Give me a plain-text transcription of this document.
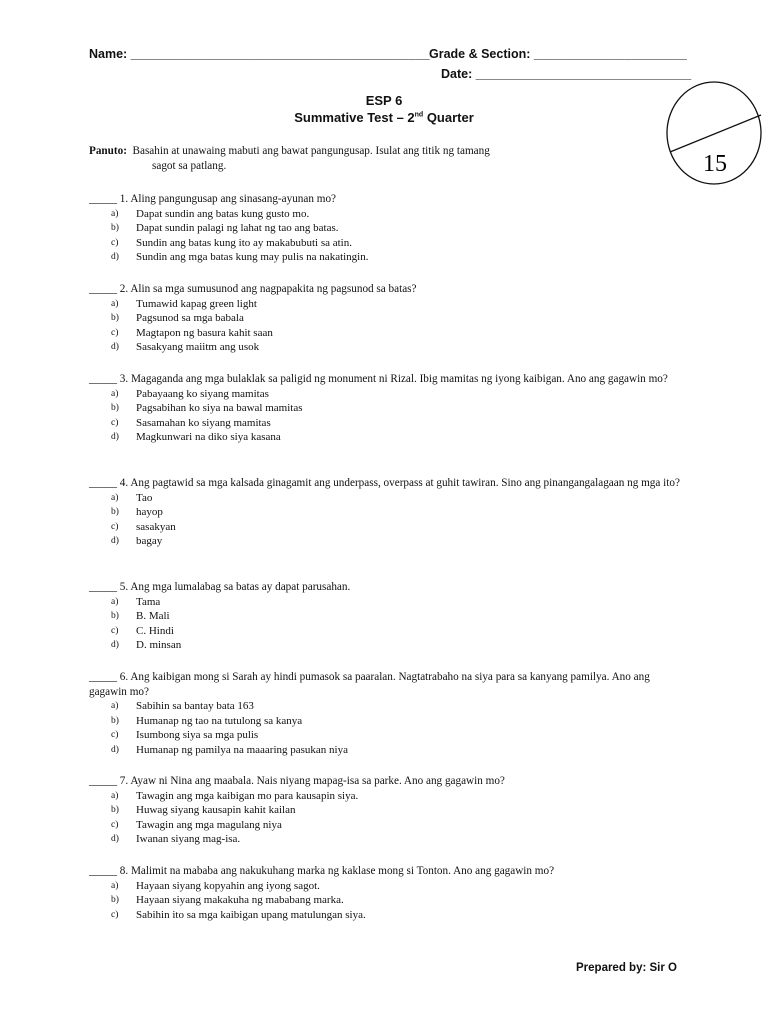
Name: ___________________________________________ Grade & Section: ______________________
Date: _______________________________
ESP 6
Summative Test – 2nd Quarter
15
Panuto: Basahin at unawaing mabuti ang bawat pangungusap. Isulat ang titik ng tamang
sagot sa patlang.
_____ 1. Aling pangungusap ang sinasang-ayunan mo?
a)	Dapat sundin ang batas kung gusto mo.
b)	Dapat sundin palagi ng lahat ng tao ang batas.
c)	Sundin ang batas kung ito ay makabubuti sa atin.
d)	Sundin ang mga batas kung may pulis na nakatingin.
_____ 2. Alin sa mga sumusunod ang nagpapakita ng pagsunod sa batas?
a)	Tumawid kapag green light
b)	Pagsunod sa mga babala
c)	Magtapon ng basura kahit saan
d)	Sasakyang maiitm ang usok
_____ 3. Magaganda ang mga bulaklak sa paligid ng monument ni Rizal. Ibig mamitas ng iyong kaibigan. Ano ang gagawin mo?
a)	Pabayaang ko siyang mamitas
b)	Pagsabihan ko siya na bawal mamitas
c)	Sasamahan ko siyang mamitas
d)	Magkunwari na diko siya kasana
_____ 4. Ang pagtawid sa mga kalsada ginagamit ang underpass, overpass at guhit tawiran. Sino ang pinangangalagaan ng mga ito?
a)	Tao
b)	hayop
c)	sasakyan
d)	bagay
_____ 5. Ang mga lumalabag sa batas ay dapat parusahan.
a)	Tama
b)	B. Mali
c)	C. Hindi
d)	D. minsan
_____ 6. Ang kaibigan mong si Sarah ay hindi pumasok sa paaralan. Nagtatrabaho na siya para sa kanyang pamilya. Ano ang gagawin mo?
a)	Sabihin sa bantay bata 163
b)	Humanap ng tao na tutulong sa kanya
c)	Isumbong siya sa mga pulis
d)	Humanap ng pamilya na maaaring pasukan niya
_____ 7. Ayaw ni Nina ang maabala. Nais niyang mapag-isa sa parke. Ano ang gagawin mo?
a)	Tawagin ang mga kaibigan mo para kausapin siya.
b)	Huwag siyang kausapin kahit kailan
c)	Tawagin ang mga magulang niya
d)	Iwanan siyang mag-isa.
_____ 8. Malimit na mababa ang nakukuhang marka ng kaklase mong si Tonton. Ano ang gagawin mo?
a)	Hayaan siyang kopyahin ang iyong sagot.
b)	Hayaan siyang makakuha ng mababang marka.
c)	Sabihin ito sa mga kaibigan upang matulungan siya.
Prepared by: Sir O
